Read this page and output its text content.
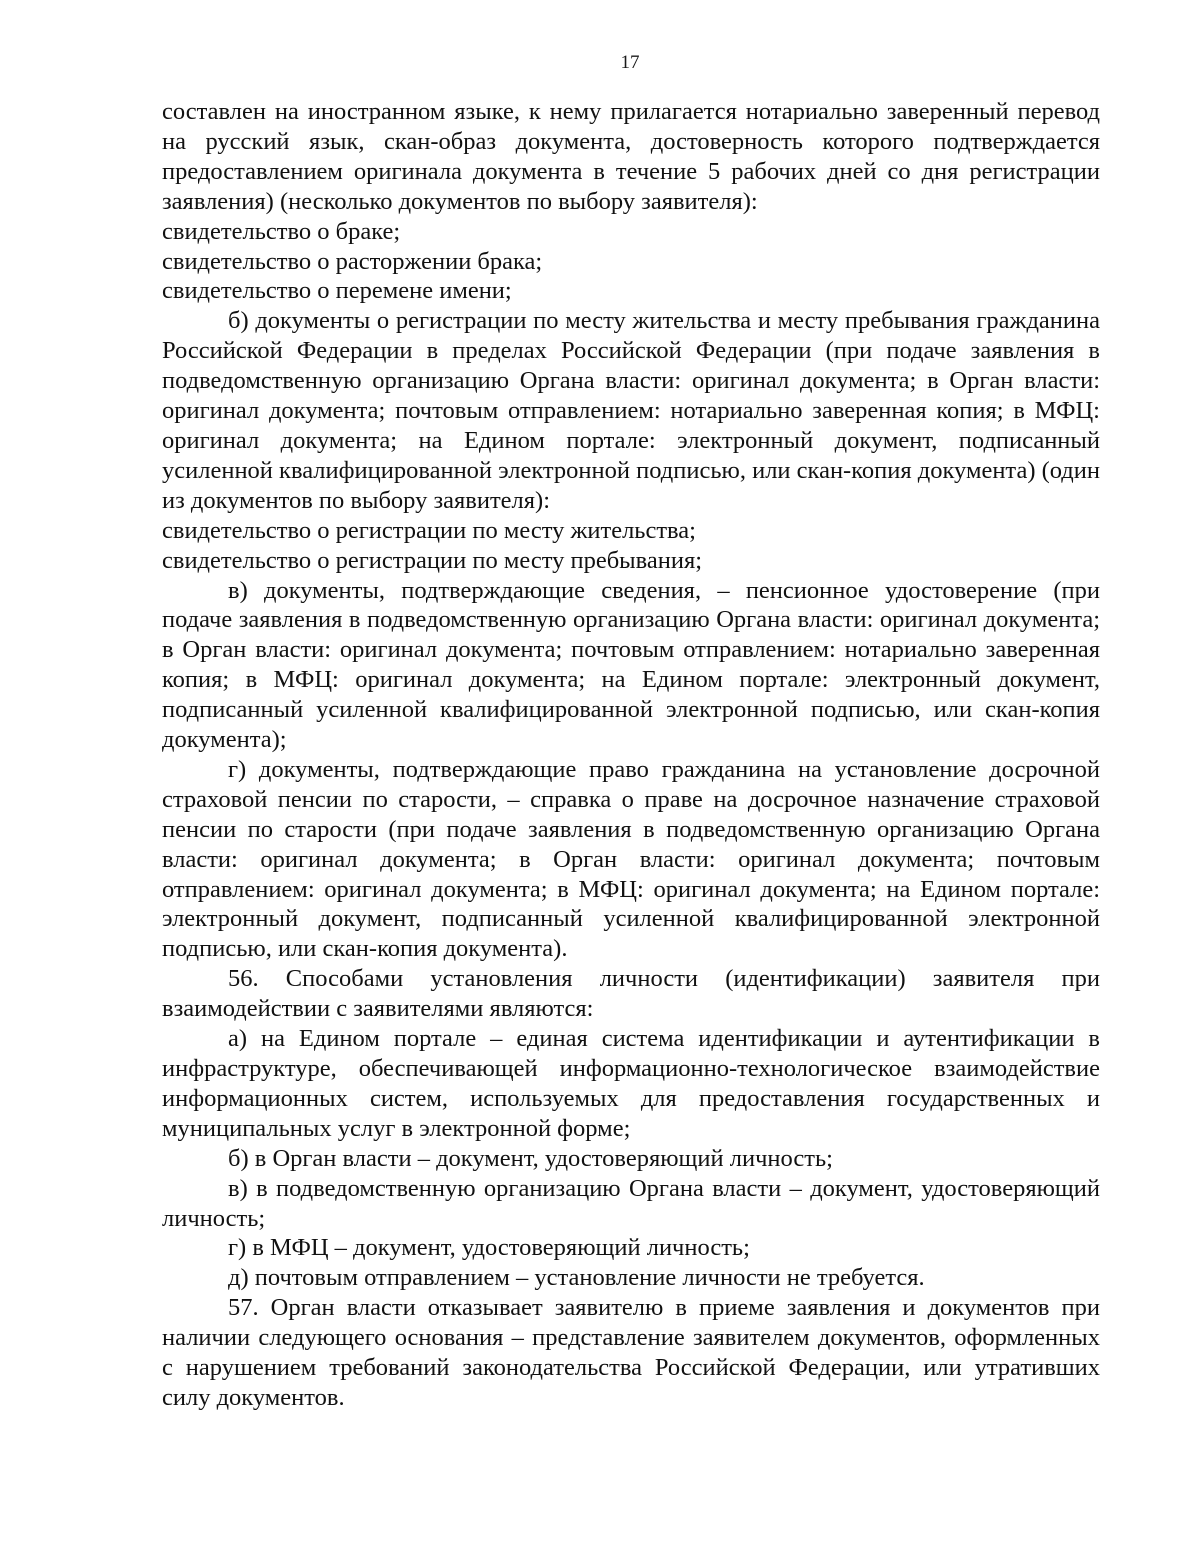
17

составлен на иностранном языке, к нему прилагается нотариально заверенный перевод на русский язык, скан-образ документа, достоверность которого подтверждается предоставлением оригинала документа в течение 5 рабочих дней со дня регистрации заявления) (несколько документов по выбору заявителя):

свидетельство о браке;

свидетельство о расторжении брака;

свидетельство о перемене имени;

б) документы о регистрации по месту жительства и месту пребывания гражданина Российской Федерации в пределах Российской Федерации (при подаче заявления в подведомственную организацию Органа власти: оригинал документа; в Орган власти: оригинал документа; почтовым отправлением: нотариально заверенная копия; в МФЦ: оригинал документа; на Едином портале: электронный документ, подписанный усиленной квалифицированной электронной подписью, или скан-копия документа) (один из документов по выбору заявителя):

свидетельство о регистрации по месту жительства;

свидетельство о регистрации по месту пребывания;

в) документы, подтверждающие сведения, – пенсионное удостоверение (при подаче заявления в подведомственную организацию Органа власти: оригинал документа; в Орган власти: оригинал документа; почтовым отправлением: нотариально заверенная копия; в МФЦ: оригинал документа; на Едином портале: электронный документ, подписанный усиленной квалифицированной электронной подписью, или скан-копия документа);

г) документы, подтверждающие право гражданина на установление досрочной страховой пенсии по старости, – справка о праве на досрочное назначение страховой пенсии по старости (при подаче заявления в подведомственную организацию Органа власти: оригинал документа; в Орган власти: оригинал документа; почтовым отправлением: оригинал документа; в МФЦ: оригинал документа; на Едином портале: электронный документ, подписанный усиленной квалифицированной электронной подписью, или скан-копия документа).

56. Способами установления личности (идентификации) заявителя при взаимодействии с заявителями являются:

а) на Едином портале – единая система идентификации и аутентификации в инфраструктуре, обеспечивающей информационно-технологическое взаимодействие информационных систем, используемых для предоставления государственных и муниципальных услуг в электронной форме;

б) в Орган власти – документ, удостоверяющий личность;

в) в подведомственную организацию Органа власти – документ, удостоверяющий личность;

г) в МФЦ – документ, удостоверяющий личность;

д) почтовым отправлением – установление личности не требуется.

57. Орган власти отказывает заявителю в приеме заявления и документов при наличии следующего основания – представление заявителем документов, оформленных с нарушением требований законодательства Российской Федерации, или утративших силу документов.
